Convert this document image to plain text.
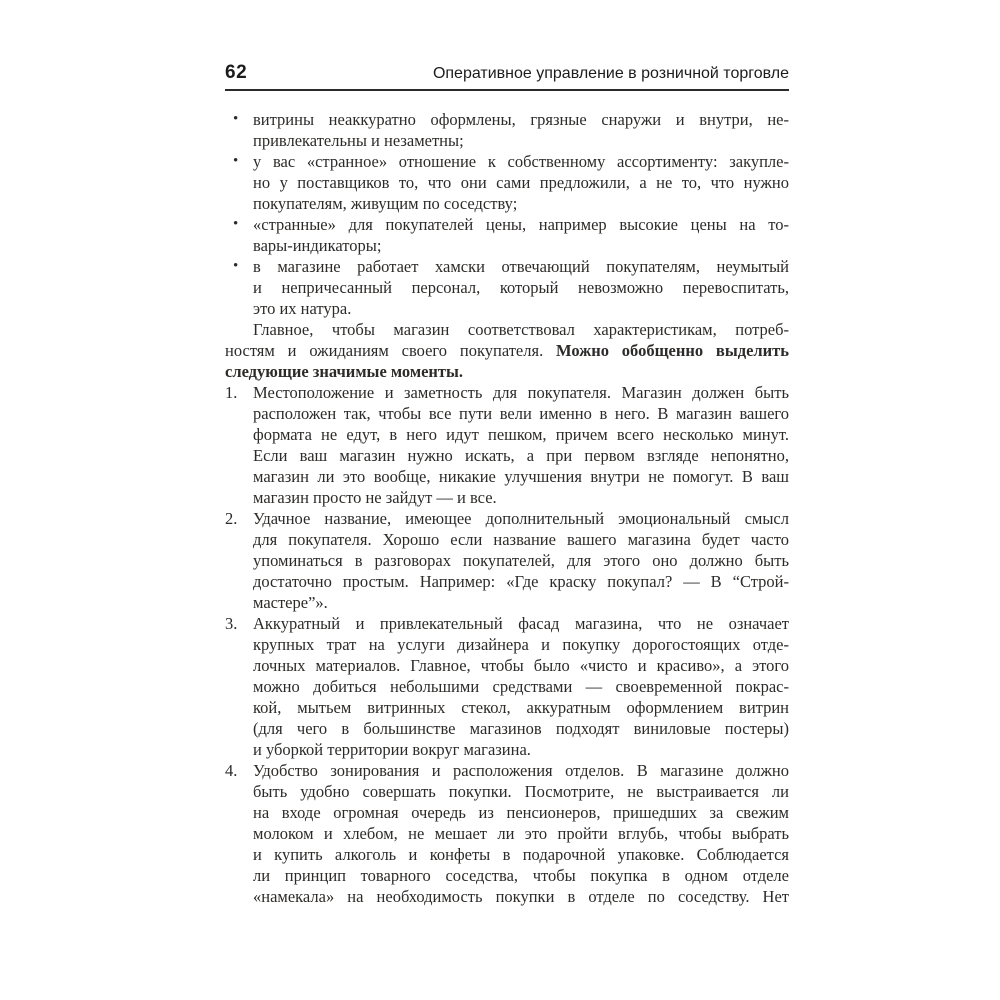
62	Оперативное управление в розничной торговле
• витрины неаккуратно оформлены, грязные снаружи и внутри, не-
привлекательны и незаметны;
• у вас «странное» отношение к собственному ассортименту: закупле-
но у поставщиков то, что они сами предложили, а не то, что нужно
покупателям, живущим по соседству;
• «странные» для покупателей цены, например высокие цены на то-
вары-индикаторы;
• в магазине работает хамски отвечающий покупателям, неумытый
и непричесанный персонал, который невозможно перевоспитать,
это их натура.
Главное, чтобы магазин соответствовал характеристикам, потреб-
ностям и ожиданиям своего покупателя. Можно обобщенно выделить
следующие значимые моменты.
1. Местоположение и заметность для покупателя. Магазин должен быть
расположен так, чтобы все пути вели именно в него. В магазин вашего
формата не едут, в него идут пешком, причем всего несколько минут.
Если ваш магазин нужно искать, а при первом взгляде непонятно,
магазин ли это вообще, никакие улучшения внутри не помогут. В ваш
магазин просто не зайдут — и все.
2. Удачное название, имеющее дополнительный эмоциональный смысл
для покупателя. Хорошо если название вашего магазина будет часто
упоминаться в разговорах покупателей, для этого оно должно быть
достаточно простым. Например: «Где краску покупал? — В “Строй-
мастере”».
3. Аккуратный и привлекательный фасад магазина, что не означает
крупных трат на услуги дизайнера и покупку дорогостоящих отде-
лочных материалов. Главное, чтобы было «чисто и красиво», а этого
можно добиться небольшими средствами — своевременной покрас-
кой, мытьем витринных стекол, аккуратным оформлением витрин
(для чего в большинстве магазинов подходят виниловые постеры)
и уборкой территории вокруг магазина.
4. Удобство зонирования и расположения отделов. В магазине должно
быть удобно совершать покупки. Посмотрите, не выстраивается ли
на входе огромная очередь из пенсионеров, пришедших за свежим
молоком и хлебом, не мешает ли это пройти вглубь, чтобы выбрать
и купить алкоголь и конфеты в подарочной упаковке. Соблюдается
ли принцип товарного соседства, чтобы покупка в одном отделе
«намекала» на необходимость покупки в отделе по соседству. Нет
